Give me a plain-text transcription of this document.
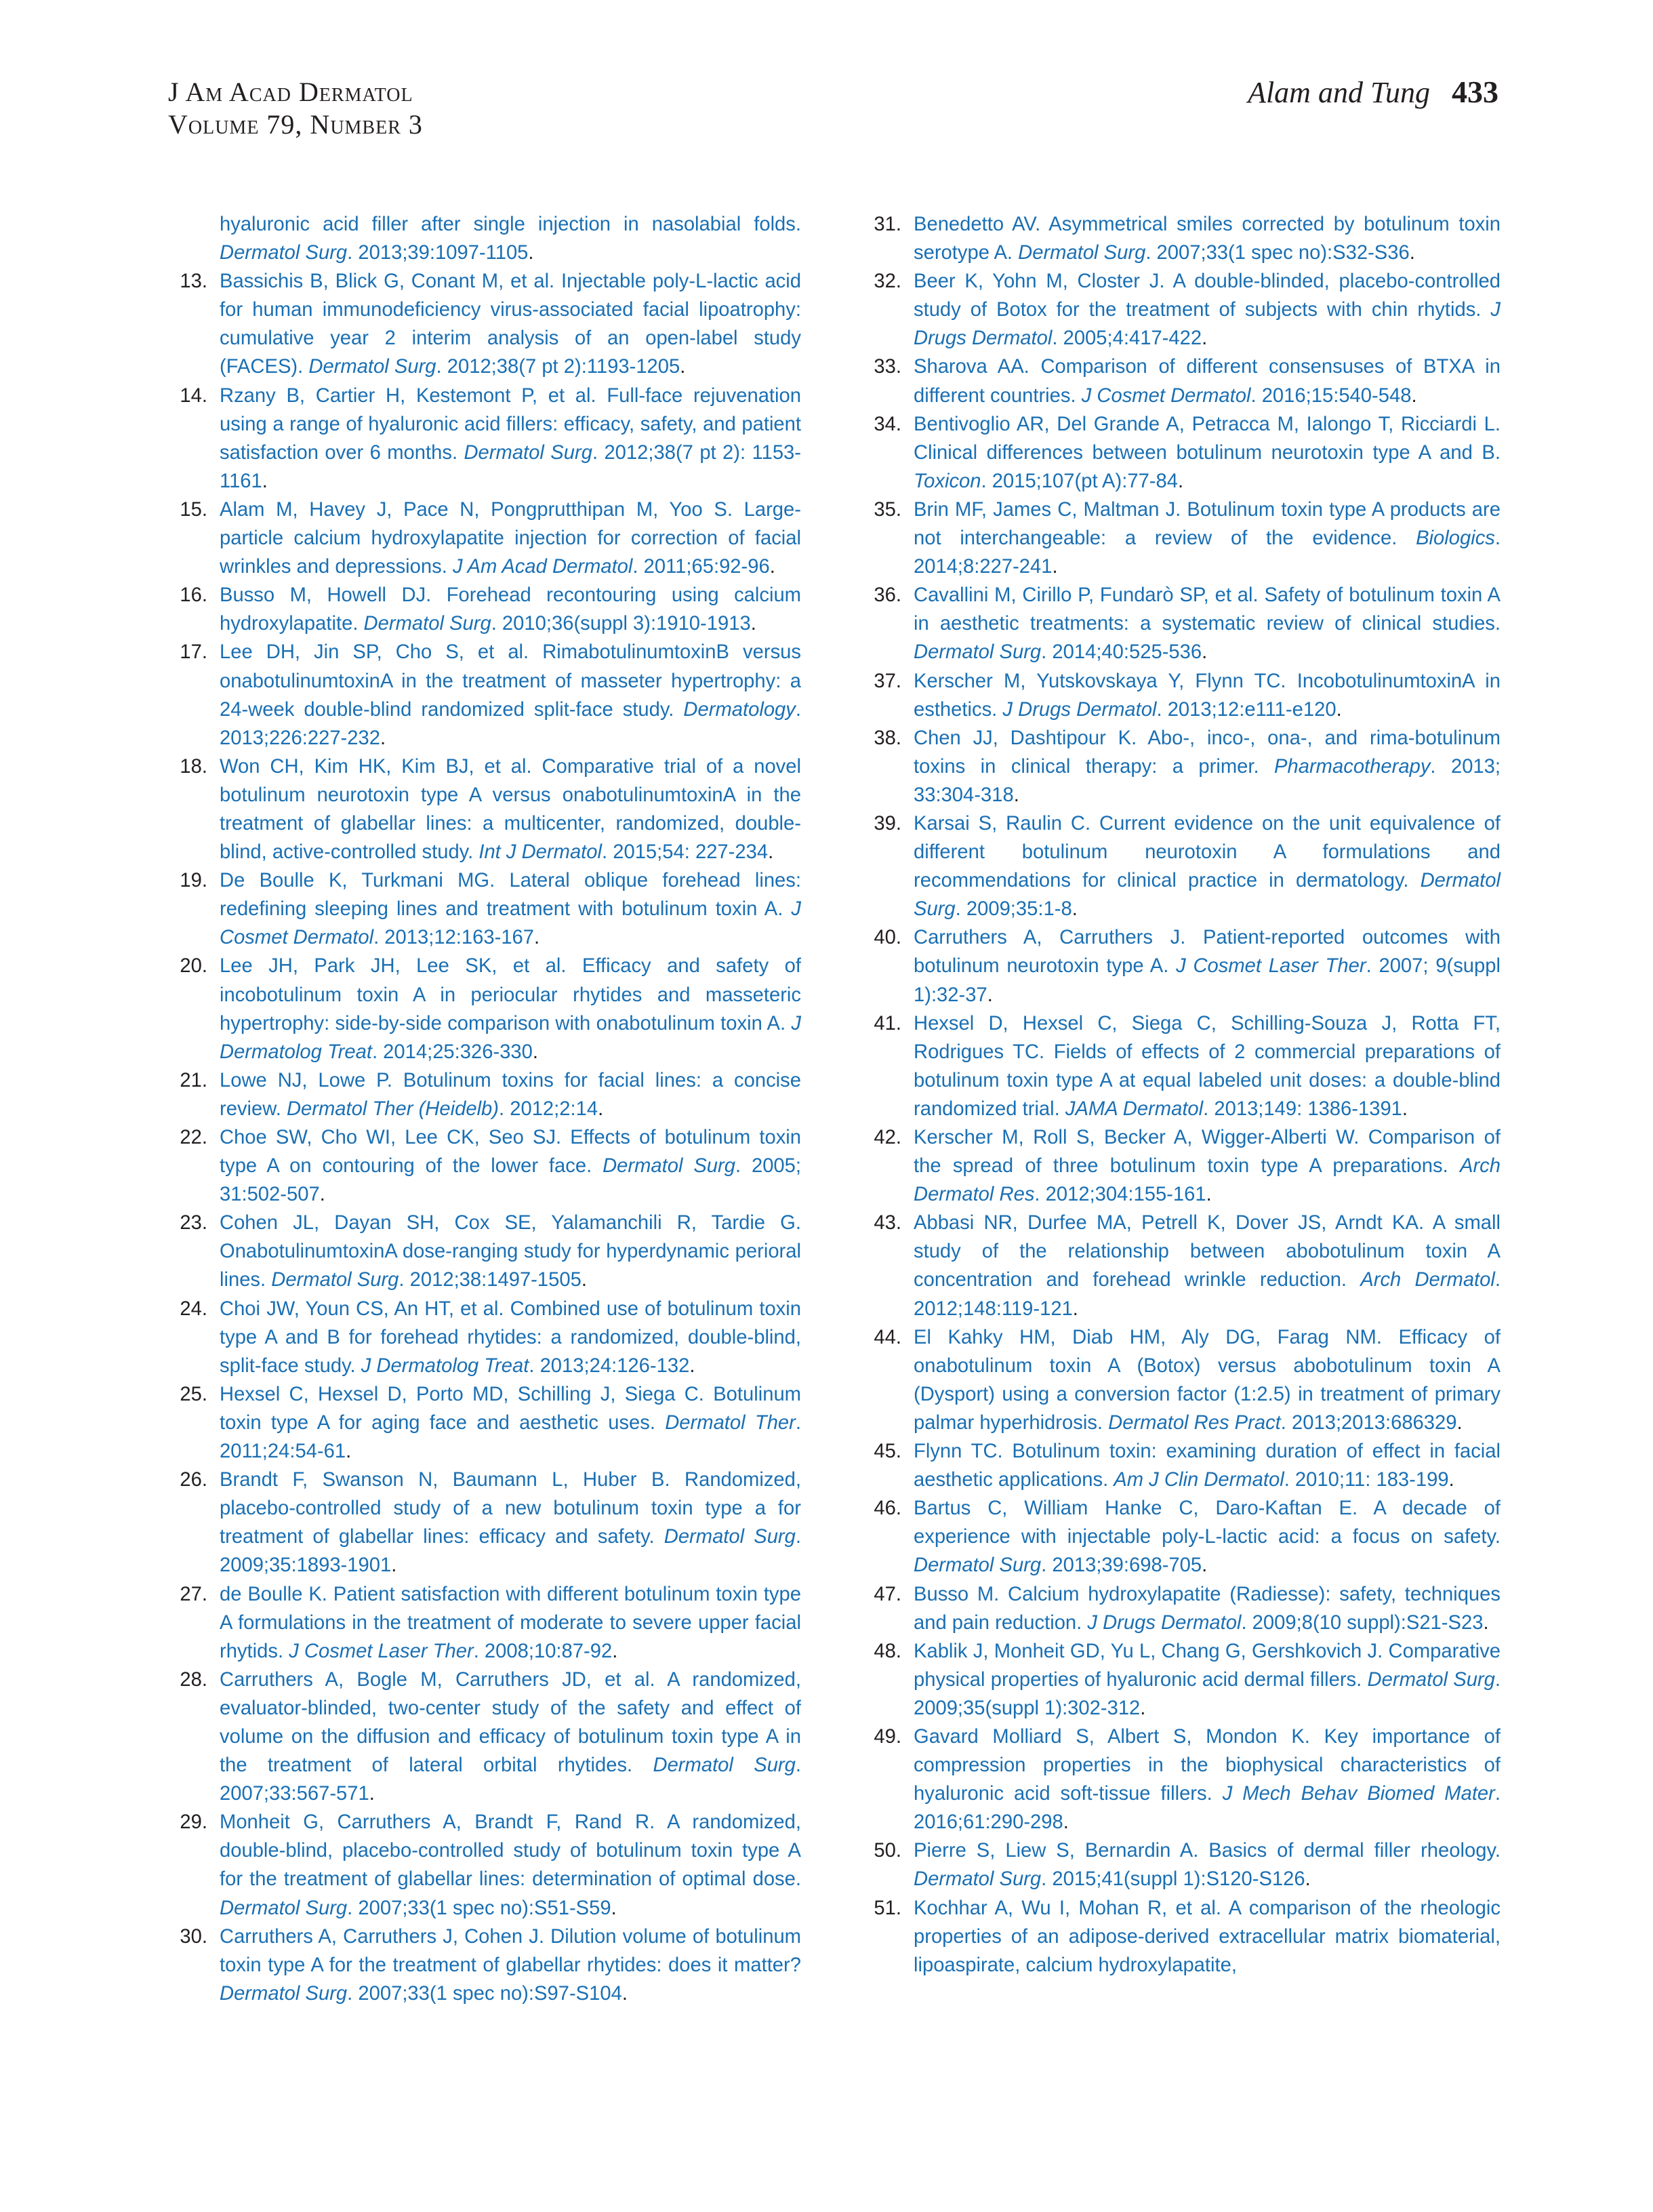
J Am Acad Dermatol
Volume 79, Number 3
Alam and Tung 433

hyaluronic acid filler after single injection in nasolabial folds. Dermatol Surg. 2013;39:1097-1105.

13. Bassichis B, Blick G, Conant M, et al. Injectable poly-L-lactic acid for human immunodeficiency virus-associated facial lipoatrophy: cumulative year 2 interim analysis of an open-label study (FACES). Dermatol Surg. 2012;38(7 pt 2):1193-1205.

14. Rzany B, Cartier H, Kestemont P, et al. Full-face rejuvenation using a range of hyaluronic acid fillers: efficacy, safety, and patient satisfaction over 6 months. Dermatol Surg. 2012;38(7 pt 2): 1153-1161.

15. Alam M, Havey J, Pace N, Pongprutthipan M, Yoo S. Large-particle calcium hydroxylapatite injection for correction of facial wrinkles and depressions. J Am Acad Dermatol. 2011;65:92-96.

16. Busso M, Howell DJ. Forehead recontouring using calcium hydroxylapatite. Dermatol Surg. 2010;36(suppl 3):1910-1913.

17. Lee DH, Jin SP, Cho S, et al. RimabotulinumtoxinB versus onabotulinumtoxinA in the treatment of masseter hypertrophy: a 24-week double-blind randomized split-face study. Dermatology. 2013;226:227-232.

18. Won CH, Kim HK, Kim BJ, et al. Comparative trial of a novel botulinum neurotoxin type A versus onabotulinumtoxinA in the treatment of glabellar lines: a multicenter, randomized, double-blind, active-controlled study. Int J Dermatol. 2015;54: 227-234.

19. De Boulle K, Turkmani MG. Lateral oblique forehead lines: redefining sleeping lines and treatment with botulinum toxin A. J Cosmet Dermatol. 2013;12:163-167.

20. Lee JH, Park JH, Lee SK, et al. Efficacy and safety of incobotulinum toxin A in periocular rhytides and masseteric hypertrophy: side-by-side comparison with onabotulinum toxin A. J Dermatolog Treat. 2014;25:326-330.

21. Lowe NJ, Lowe P. Botulinum toxins for facial lines: a concise review. Dermatol Ther (Heidelb). 2012;2:14.

22. Choe SW, Cho WI, Lee CK, Seo SJ. Effects of botulinum toxin type A on contouring of the lower face. Dermatol Surg. 2005; 31:502-507.

23. Cohen JL, Dayan SH, Cox SE, Yalamanchili R, Tardie G. OnabotulinumtoxinA dose-ranging study for hyperdynamic perioral lines. Dermatol Surg. 2012;38:1497-1505.

24. Choi JW, Youn CS, An HT, et al. Combined use of botulinum toxin type A and B for forehead rhytides: a randomized, double-blind, split-face study. J Dermatolog Treat. 2013;24:126-132.

25. Hexsel C, Hexsel D, Porto MD, Schilling J, Siega C. Botulinum toxin type A for aging face and aesthetic uses. Dermatol Ther. 2011;24:54-61.

26. Brandt F, Swanson N, Baumann L, Huber B. Randomized, placebo-controlled study of a new botulinum toxin type a for treatment of glabellar lines: efficacy and safety. Dermatol Surg. 2009;35:1893-1901.

27. de Boulle K. Patient satisfaction with different botulinum toxin type A formulations in the treatment of moderate to severe upper facial rhytids. J Cosmet Laser Ther. 2008;10:87-92.

28. Carruthers A, Bogle M, Carruthers JD, et al. A randomized, evaluator-blinded, two-center study of the safety and effect of volume on the diffusion and efficacy of botulinum toxin type A in the treatment of lateral orbital rhytides. Dermatol Surg. 2007;33:567-571.

29. Monheit G, Carruthers A, Brandt F, Rand R. A randomized, double-blind, placebo-controlled study of botulinum toxin type A for the treatment of glabellar lines: determination of optimal dose. Dermatol Surg. 2007;33(1 spec no):S51-S59.

30. Carruthers A, Carruthers J, Cohen J. Dilution volume of botulinum toxin type A for the treatment of glabellar rhytides: does it matter? Dermatol Surg. 2007;33(1 spec no):S97-S104.

31. Benedetto AV. Asymmetrical smiles corrected by botulinum toxin serotype A. Dermatol Surg. 2007;33(1 spec no):S32-S36.

32. Beer K, Yohn M, Closter J. A double-blinded, placebo-controlled study of Botox for the treatment of subjects with chin rhytids. J Drugs Dermatol. 2005;4:417-422.

33. Sharova AA. Comparison of different consensuses of BTXA in different countries. J Cosmet Dermatol. 2016;15:540-548.

34. Bentivoglio AR, Del Grande A, Petracca M, Ialongo T, Ricciardi L. Clinical differences between botulinum neurotoxin type A and B. Toxicon. 2015;107(pt A):77-84.

35. Brin MF, James C, Maltman J. Botulinum toxin type A products are not interchangeable: a review of the evidence. Biologics. 2014;8:227-241.

36. Cavallini M, Cirillo P, Fundarò SP, et al. Safety of botulinum toxin A in aesthetic treatments: a systematic review of clinical studies. Dermatol Surg. 2014;40:525-536.

37. Kerscher M, Yutskovskaya Y, Flynn TC. IncobotulinumtoxinA in esthetics. J Drugs Dermatol. 2013;12:e111-e120.

38. Chen JJ, Dashtipour K. Abo-, inco-, ona-, and rima-botulinum toxins in clinical therapy: a primer. Pharmacotherapy. 2013; 33:304-318.

39. Karsai S, Raulin C. Current evidence on the unit equivalence of different botulinum neurotoxin A formulations and recommendations for clinical practice in dermatology. Dermatol Surg. 2009;35:1-8.

40. Carruthers A, Carruthers J. Patient-reported outcomes with botulinum neurotoxin type A. J Cosmet Laser Ther. 2007; 9(suppl 1):32-37.

41. Hexsel D, Hexsel C, Siega C, Schilling-Souza J, Rotta FT, Rodrigues TC. Fields of effects of 2 commercial preparations of botulinum toxin type A at equal labeled unit doses: a double-blind randomized trial. JAMA Dermatol. 2013;149: 1386-1391.

42. Kerscher M, Roll S, Becker A, Wigger-Alberti W. Comparison of the spread of three botulinum toxin type A preparations. Arch Dermatol Res. 2012;304:155-161.

43. Abbasi NR, Durfee MA, Petrell K, Dover JS, Arndt KA. A small study of the relationship between abobotulinum toxin A concentration and forehead wrinkle reduction. Arch Dermatol. 2012;148:119-121.

44. El Kahky HM, Diab HM, Aly DG, Farag NM. Efficacy of onabotulinum toxin A (Botox) versus abobotulinum toxin A (Dysport) using a conversion factor (1:2.5) in treatment of primary palmar hyperhidrosis. Dermatol Res Pract. 2013;2013:686329.

45. Flynn TC. Botulinum toxin: examining duration of effect in facial aesthetic applications. Am J Clin Dermatol. 2010;11: 183-199.

46. Bartus C, William Hanke C, Daro-Kaftan E. A decade of experience with injectable poly-L-lactic acid: a focus on safety. Dermatol Surg. 2013;39:698-705.

47. Busso M. Calcium hydroxylapatite (Radiesse): safety, techniques and pain reduction. J Drugs Dermatol. 2009;8(10 suppl):S21-S23.

48. Kablik J, Monheit GD, Yu L, Chang G, Gershkovich J. Comparative physical properties of hyaluronic acid dermal fillers. Dermatol Surg. 2009;35(suppl 1):302-312.

49. Gavard Molliard S, Albert S, Mondon K. Key importance of compression properties in the biophysical characteristics of hyaluronic acid soft-tissue fillers. J Mech Behav Biomed Mater. 2016;61:290-298.

50. Pierre S, Liew S, Bernardin A. Basics of dermal filler rheology. Dermatol Surg. 2015;41(suppl 1):S120-S126.

51. Kochhar A, Wu I, Mohan R, et al. A comparison of the rheologic properties of an adipose-derived extracellular matrix biomaterial, lipoaspirate, calcium hydroxylapatite,
